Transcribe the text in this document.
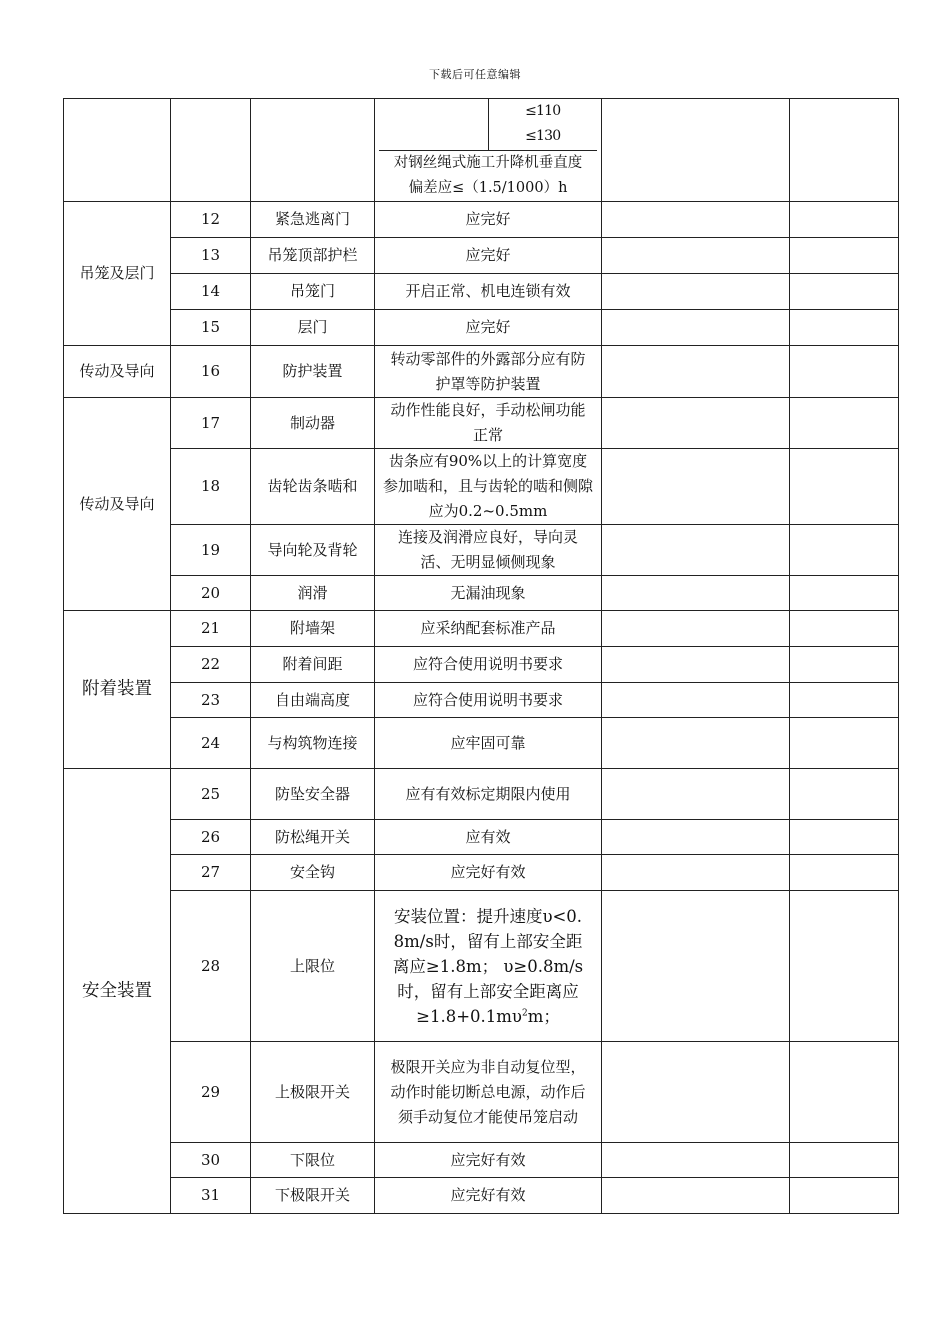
下载后可任意编辑

≤110
≤130

对钢丝绳式施工升降机垂直度偏差应≤（1.5/1000）h

吊笼及层门	12	紧急逃离门	应完好		
13	吊笼顶部护栏	应完好		
14	吊笼门	开启正常、机电连锁有效		
15	层门	应完好		
传动及导向	16	防护装置	转动零部件的外露部分应有防护罩等防护装置		
传动及导向	17	制动器	动作性能良好，手动松闸功能正常		
18	齿轮齿条啮和	齿条应有90%以上的计算宽度参加啮和，且与齿轮的啮和侧隙应为0.2~0.5mm		
19	导向轮及背轮	连接及润滑应良好，导向灵活、无明显倾侧现象		
20	润滑	无漏油现象		
附着装置	21	附墙架	应采纳配套标准产品		
22	附着间距	应符合使用说明书要求		
23	自由端高度	应符合使用说明书要求		
24	与构筑物连接	应牢固可靠		
安全装置	25	防坠安全器	应有有效标定期限内使用		
26	防松绳开关	应有效		
27	安全钩	应完好有效		
28	上限位	安装位置：提升速度υ<0.8m/s时，留有上部安全距离应≥1.8m； υ≥0.8m/s时，留有上部安全距离应
$\ge 1.8+0.1m\upsilon^2m$；		
29	上极限开关	极限开关应为非自动复位型，动作时能切断总电源，动作后须手动复位才能使吊笼启动		
30	下限位	应完好有效		
31	下极限开关	应完好有效		
